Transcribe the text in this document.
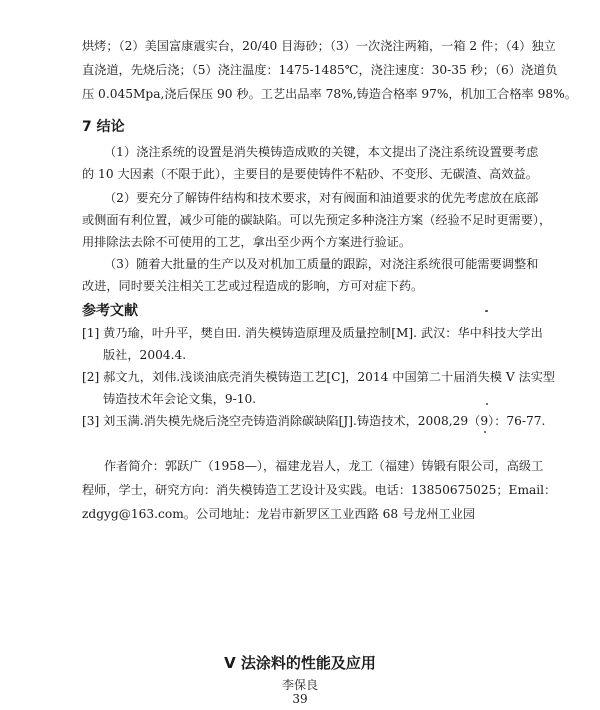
烘烤；（2）美国富康震实台，20/40 目海砂；（3）一次浇注两箱，一箱 2 件；（4）独立
直浇道，先烧后浇；（5）浇注温度：1475-1485℃，浇注速度：30-35 秒；（6）浇道负
压 0.045Mpa,浇后保压 90 秒。工艺出品率 78%,铸造合格率 97%，机加工合格率 98%。
7 结论
（1）浇注系统的设置是消失模铸造成败的关键，本文提出了浇注系统设置要考虑
的 10 大因素（不限于此），主要目的是要使铸件不粘砂、不变形、无碳渣、高效益。
（2）要充分了解铸件结构和技术要求，对有阀面和油道要求的优先考虑放在底部
或侧面有利位置，减少可能的碳缺陷。可以先预定多种浇注方案（经验不足时更需要），
用排除法去除不可使用的工艺，拿出至少两个方案进行验证。
（3）随着大批量的生产以及对机加工质量的跟踪，对浇注系统很可能需要调整和
改进，同时要关注相关工艺或过程造成的影响，方可对症下药。
参考文献
[1] 黄乃瑜，叶升平，樊自田. 消失模铸造原理及质量控制[M]. 武汉：华中科技大学出
版社，2004.4.
[2] 郝文九，刘伟.浅谈油底壳消失模铸造工艺[C]，2014 中国第二十届消失模 V 法实型
铸造技术年会论文集，9-10.
[3] 刘玉满.消失模先烧后浇空壳铸造消除碳缺陷[J].铸造技术，2008,29（9）：76-77.
作者简介：郭跃广（1958—），福建龙岩人，龙工（福建）铸锻有限公司，高级工
程师，学士，研究方向：消失模铸造工艺设计及实践。电话：13850675025；Email：
zdgyg@163.com。公司地址：龙岩市新罗区工业西路 68 号龙州工业园
V 法涂料的性能及应用
李保良
39
